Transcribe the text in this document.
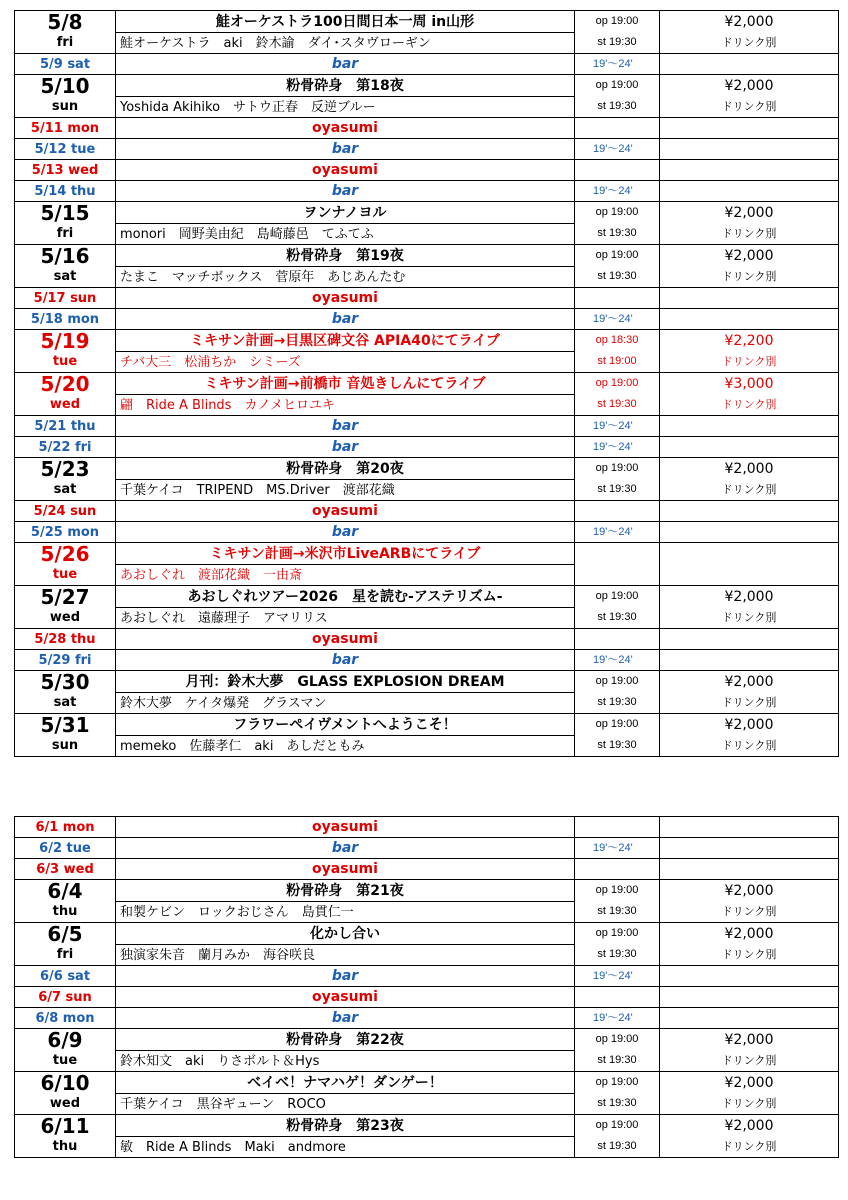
5/8	鮭オーケストラ100日間日本一周 in山形	op 19:00	¥2,000
fri	鮭オーケストラ　aki　鈴木諭　ダイ･スタヴローギン	st 19:30	ドリンク別
5/9 sat	bar	19'～24'	
5/10	粉骨砕身　第18夜	op 19:00	¥2,000
sun	Yoshida Akihiko　サトウ正春　反逆ブルー	st 19:30	ドリンク別
5/11 mon	oyasumi		
5/12 tue	bar	19'～24'	
5/13 wed	oyasumi		
5/14 thu	bar	19'～24'	
5/15	ヲンナノヨル	op 19:00	¥2,000
fri	monori　岡野美由紀　島崎藤邑　てふてふ	st 19:30	ドリンク別
5/16	粉骨砕身　第19夜	op 19:00	¥2,000
sat	たまこ　マッチボックス　菅原年　あじあんたむ	st 19:30	ドリンク別
5/17 sun	oyasumi		
5/18 mon	bar	19'～24'	
5/19	ミキサン計画→目黒区碑文谷 APIA40にてライブ	op 18:30	¥2,200
tue	チバ大三　松浦ちか　シミーズ	st 19:00	ドリンク別
5/20	ミキサン計画→前橋市 音処きしんにてライブ	op 19:00	¥3,000
wed	翩　Ride A Blinds　カノメヒロユキ	st 19:30	ドリンク別
5/21 thu	bar	19'～24'	
5/22 fri	bar	19'～24'	
5/23	粉骨砕身　第20夜	op 19:00	¥2,000
sat	千葉ケイコ　TRIPEND　MS.Driver　渡部花織	st 19:30	ドリンク別
5/24 sun	oyasumi		
5/25 mon	bar	19'～24'	
5/26	ミキサン計画→米沢市LiveARBにてライブ		
tue	あおしぐれ　渡部花織　一由斎		
5/27	あおしぐれツアー2026　星を読む-アステリズム-	op 19:00	¥2,000
wed	あおしぐれ　遠藤理子　アマリリス	st 19:30	ドリンク別
5/28 thu	oyasumi		
5/29 fri	bar	19'～24'	
5/30	月刊：鈴木大夢　GLASS EXPLOSION DREAM	op 19:00	¥2,000
sat	鈴木大夢　ケイタ爆発　グラスマン	st 19:30	ドリンク別
5/31	フラワーペイヴメントへようこそ！	op 19:00	¥2,000
sun	memeko　佐藤孝仁　aki　あしだともみ	st 19:30	ドリンク別
6/1 mon	oyasumi		
6/2 tue	bar	19'～24'	
6/3 wed	oyasumi		
6/4	粉骨砕身　第21夜	op 19:00	¥2,000
thu	和製ケビン　ロックおじさん　島貫仁一	st 19:30	ドリンク別
6/5	化かし合い	op 19:00	¥2,000
fri	独演家朱音　蘭月みか　海谷咲良	st 19:30	ドリンク別
6/6 sat	bar	19'～24'	
6/7 sun	oyasumi		
6/8 mon	bar	19'～24'	
6/9	粉骨砕身　第22夜	op 19:00	¥2,000
tue	鈴木知文　aki　りさボルト＆Hys	st 19:30	ドリンク別
6/10	ベイベ！ナマハゲ！ダンゲー！	op 19:00	¥2,000
wed	千葉ケイコ　黒谷ギューン　ROCO	st 19:30	ドリンク別
6/11	粉骨砕身　第23夜	op 19:00	¥2,000
thu	敏　Ride A Blinds　Maki　andmore	st 19:30	ドリンク別
